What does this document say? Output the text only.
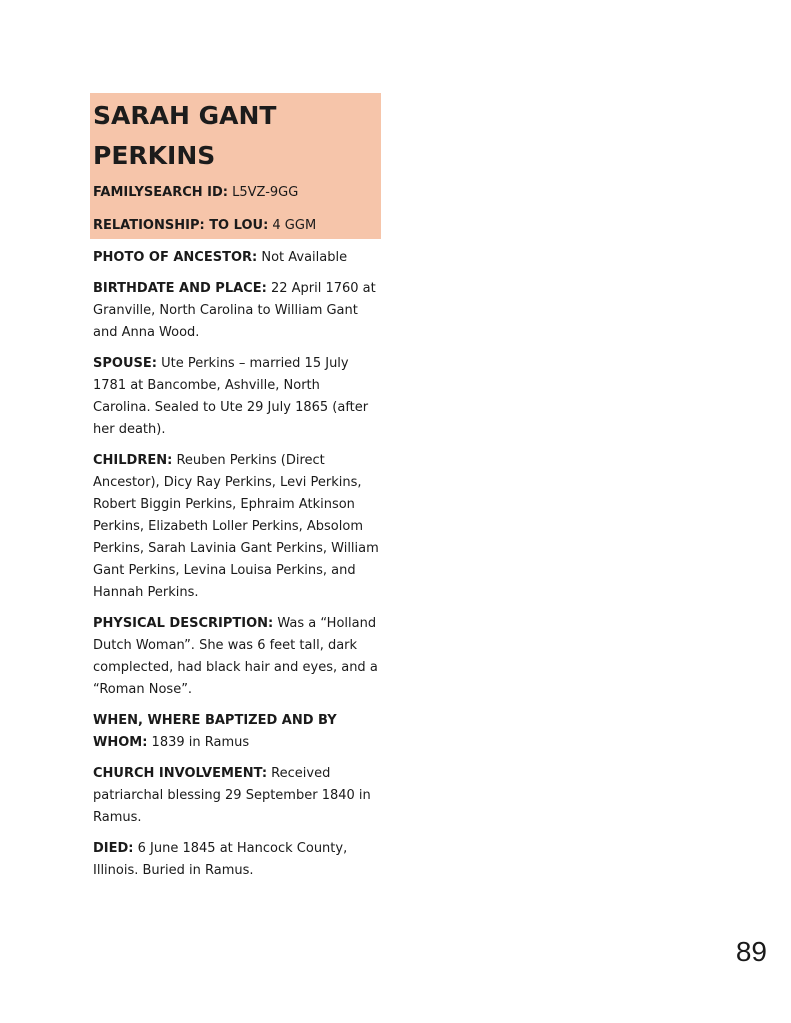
SARAH GANT

PERKINS

FAMILYSEARCH ID: L5VZ-9GG

RELATIONSHIP: TO LOU: 4 GGM

PHOTO OF ANCESTOR: Not Available

BIRTHDATE AND PLACE: 22 April 1760 at Granville, North Carolina to William Gant and Anna Wood.

SPOUSE: Ute Perkins – married 15 July 1781 at Bancombe, Ashville, North Carolina. Sealed to Ute 29 July 1865 (after her death).

CHILDREN: Reuben Perkins (Direct Ancestor), Dicy Ray Perkins, Levi Perkins, Robert Biggin Perkins, Ephraim Atkinson Perkins, Elizabeth Loller Perkins, Absolom Perkins, Sarah Lavinia Gant Perkins, William Gant Perkins, Levina Louisa Perkins, and Hannah Perkins.

PHYSICAL DESCRIPTION: Was a “Holland Dutch Woman”. She was 6 feet tall, dark complected, had black hair and eyes, and a “Roman Nose”.

WHEN, WHERE BAPTIZED AND BY WHOM: 1839 in Ramus

CHURCH INVOLVEMENT: Received patriarchal blessing 29 September 1840 in Ramus.

DIED: 6 June 1845 at Hancock County, Illinois. Buried in Ramus.

89
